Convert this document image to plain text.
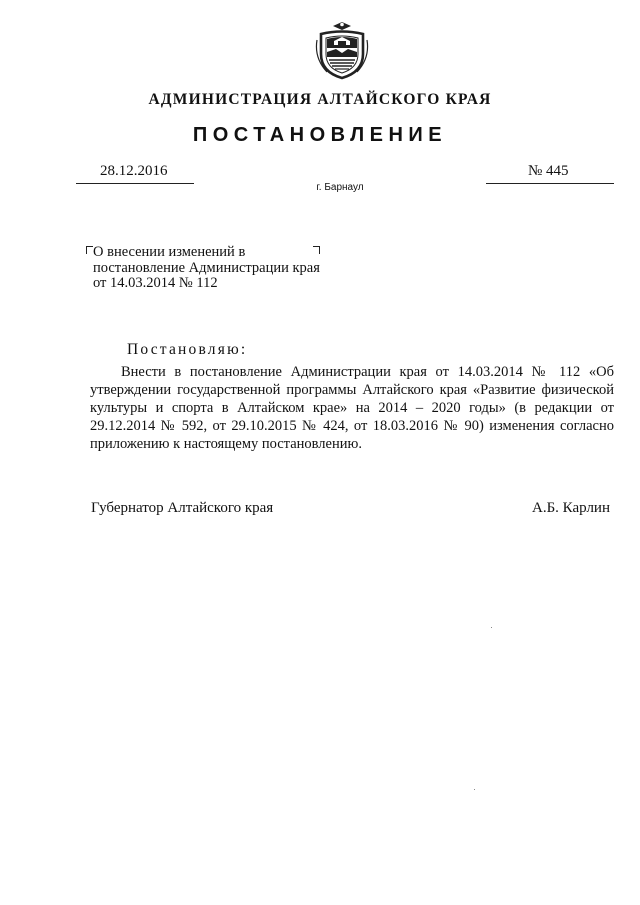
АДМИНИСТРАЦИЯ АЛТАЙСКОГО КРАЯ
ПОСТАНОВЛЕНИЕ
28.12.2016	№ 445
г. Барнаул
О внесении изменений в постановление Администрации края от 14.03.2014 № 112
Постановляю:
Внести в постановление Администрации края от 14.03.2014 № 112 «Об утверждении государственной программы Алтайского края «Развитие физической культуры и спорта в Алтайском крае» на 2014 – 2020 годы» (в редакции от 29.12.2014 № 592, от 29.10.2015 № 424, от 18.03.2016 № 90) изменения согласно приложению к настоящему постановлению.
Губернатор Алтайского края	А.Б. Карлин
